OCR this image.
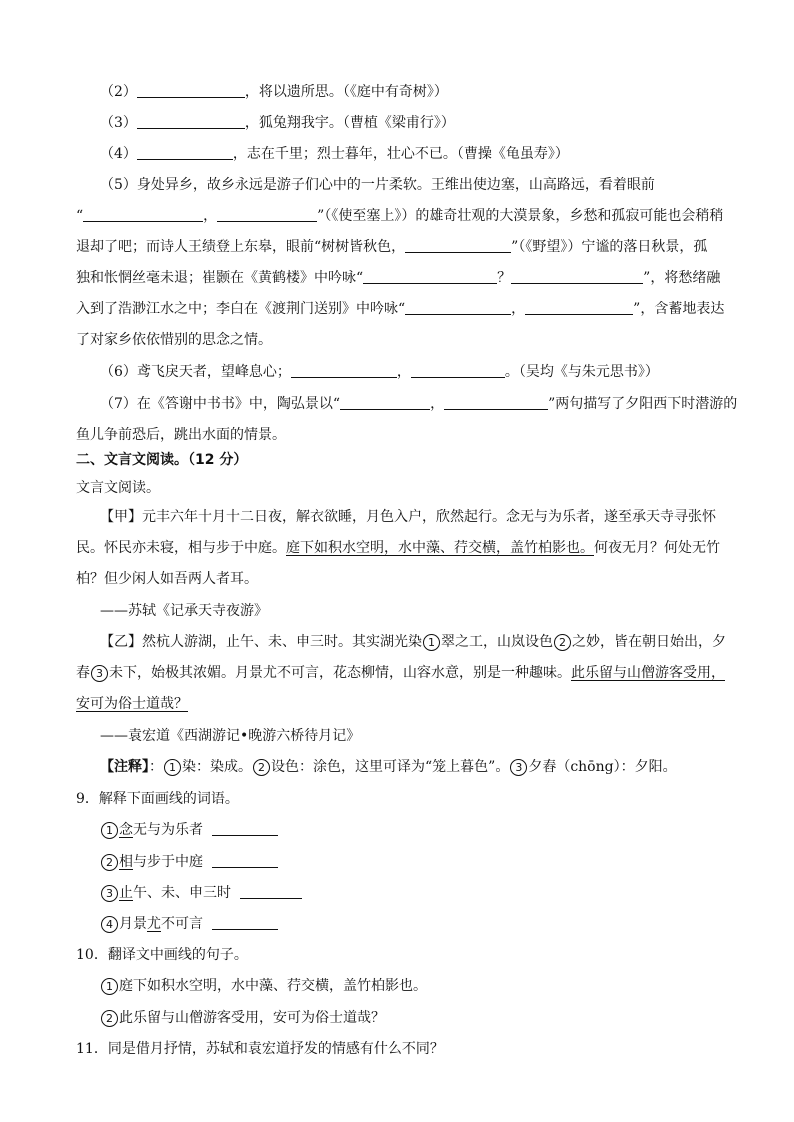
（2）	，将以遗所思。（《庭中有奇树》）
（3）	，狐兔翔我宇。（曹植《梁甫行》）
（4）	，志在千里；烈士暮年，壮心不已。（曹操《龟虽寿》）
（5）身处异乡，故乡永远是游子们心中的一片柔软。王维出使边塞，山高路远，看着眼前
“	，	”（《使至塞上》）的雄奇壮观的大漠景象，乡愁和孤寂可能也会稍稍
退却了吧；而诗人王绩登上东皋，眼前“树树皆秋色，	”（《野望》）宁谧的落日秋景，孤
独和怅惘丝毫未退；崔颢在《黄鹤楼》中吟咏“	？	”，将愁绪融
入到了浩渺江水之中；李白在《渡荆门送别》中吟咏“	，	”，含蓄地表达
了对家乡依依惜别的思念之情。
（6）鸢飞戾天者，望峰息心；	，	。（吴均《与朱元思书》）
（7）在《答谢中书书》中，陶弘景以“	，	”两句描写了夕阳西下时潜游的
鱼儿争前恐后，跳出水面的情景。
二、文言文阅读。（12 分）
文言文阅读。
【甲】元丰六年十月十二日夜，解衣欲睡，月色入户，欣然起行。念无与为乐者，遂至承天寺寻张怀
民。怀民亦未寝，相与步于中庭。庭下如积水空明，水中藻、荇交横，盖竹柏影也。何夜无月？何处无竹
柏？但少闲人如吾两人者耳。
——苏轼《记承天寺夜游》
【乙】然杭人游湖，止午、未、申三时。其实湖光染 1 翠之工，山岚设色 2 之妙，皆在朝日始出，夕
春 3 未下，始极其浓媚。月景尤不可言，花态柳情，山容水意，别是一种趣味。此乐留与山僧游客受用，
安可为俗士道哉？
——袁宏道《西湖游记•晚游六桥待月记》
【注释】： 1 染：染成。 2 设色：涂色，这里可译为“笼上暮色”。 3 夕舂（chōng）：夕阳。
9．解释下面画线的词语。
1 念无与为乐者
2 相与步于中庭
3 止午、未、申三时
4 月景尤不可言
10．翻译文中画线的句子。
1 庭下如积水空明，水中藻、荇交横，盖竹柏影也。
2 此乐留与山僧游客受用，安可为俗士道哉？
11．同是借月抒情，苏轼和袁宏道抒发的情感有什么不同？
